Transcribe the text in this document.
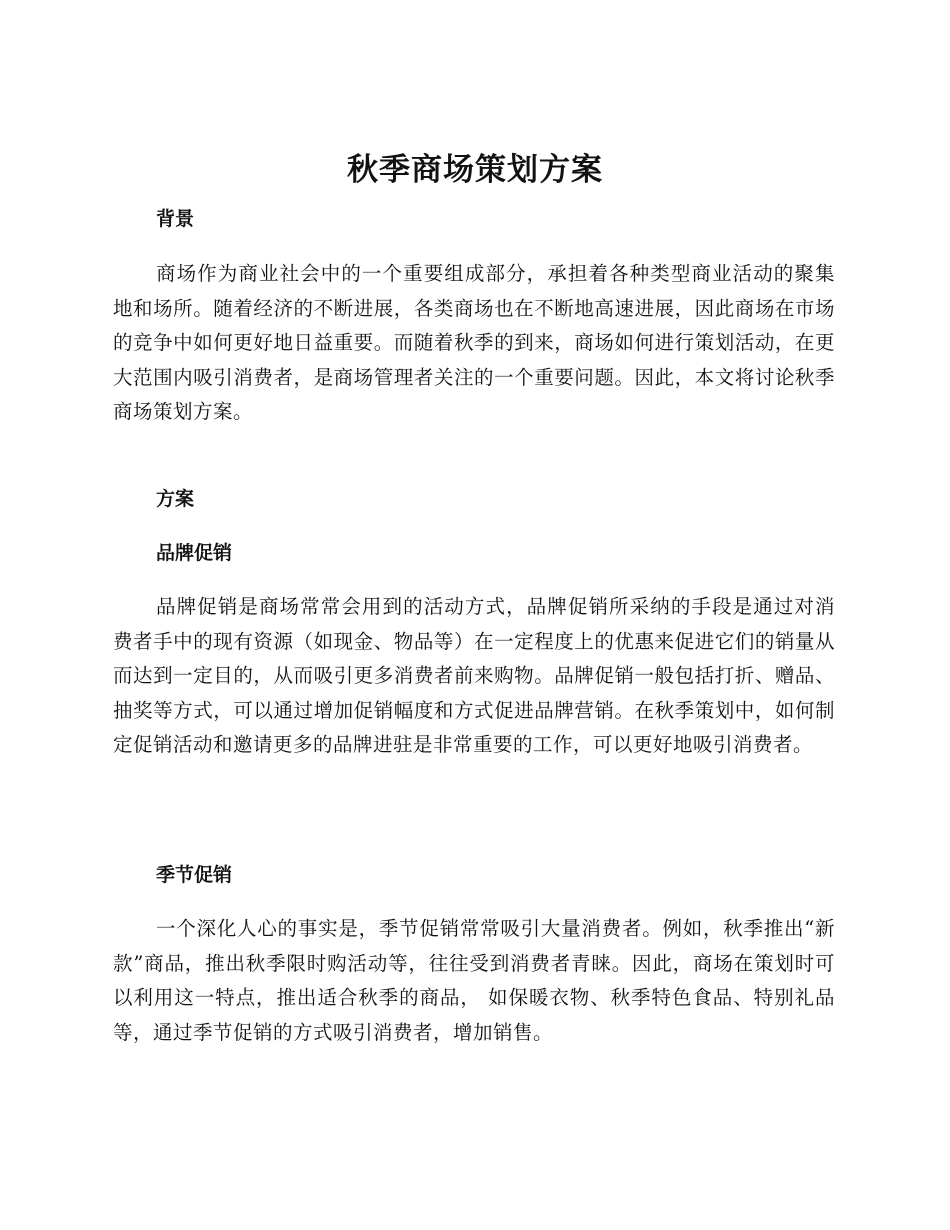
秋季商场策划方案
背景

商场作为商业社会中的一个重要组成部分，承担着各种类型商业活动的聚集地和场所。随着经济的不断进展，各类商场也在不断地高速进展，因此商场在市场的竞争中如何更好地日益重要。而随着秋季的到来，商场如何进行策划活动，在更大范围内吸引消费者，是商场管理者关注的一个重要问题。因此，本文将讨论秋季商场策划方案。

方案
品牌促销

品牌促销是商场常常会用到的活动方式，品牌促销所采纳的手段是通过对消费者手中的现有资源（如现金、物品等）在一定程度上的优惠来促进它们的销量从而达到一定目的，从而吸引更多消费者前来购物。品牌促销一般包括打折、赠品、抽奖等方式，可以通过增加促销幅度和方式促进品牌营销。在秋季策划中，如何制定促销活动和邀请更多的品牌进驻是非常重要的工作，可以更好地吸引消费者。

季节促销

一个深化人心的事实是，季节促销常常吸引大量消费者。例如，秋季推出“新款”商品，推出秋季限时购活动等，往往受到消费者青睐。因此，商场在策划时可以利用这一特点，推出适合秋季的商品， 如保暖衣物、秋季特色食品、特别礼品等，通过季节促销的方式吸引消费者，增加销售。
